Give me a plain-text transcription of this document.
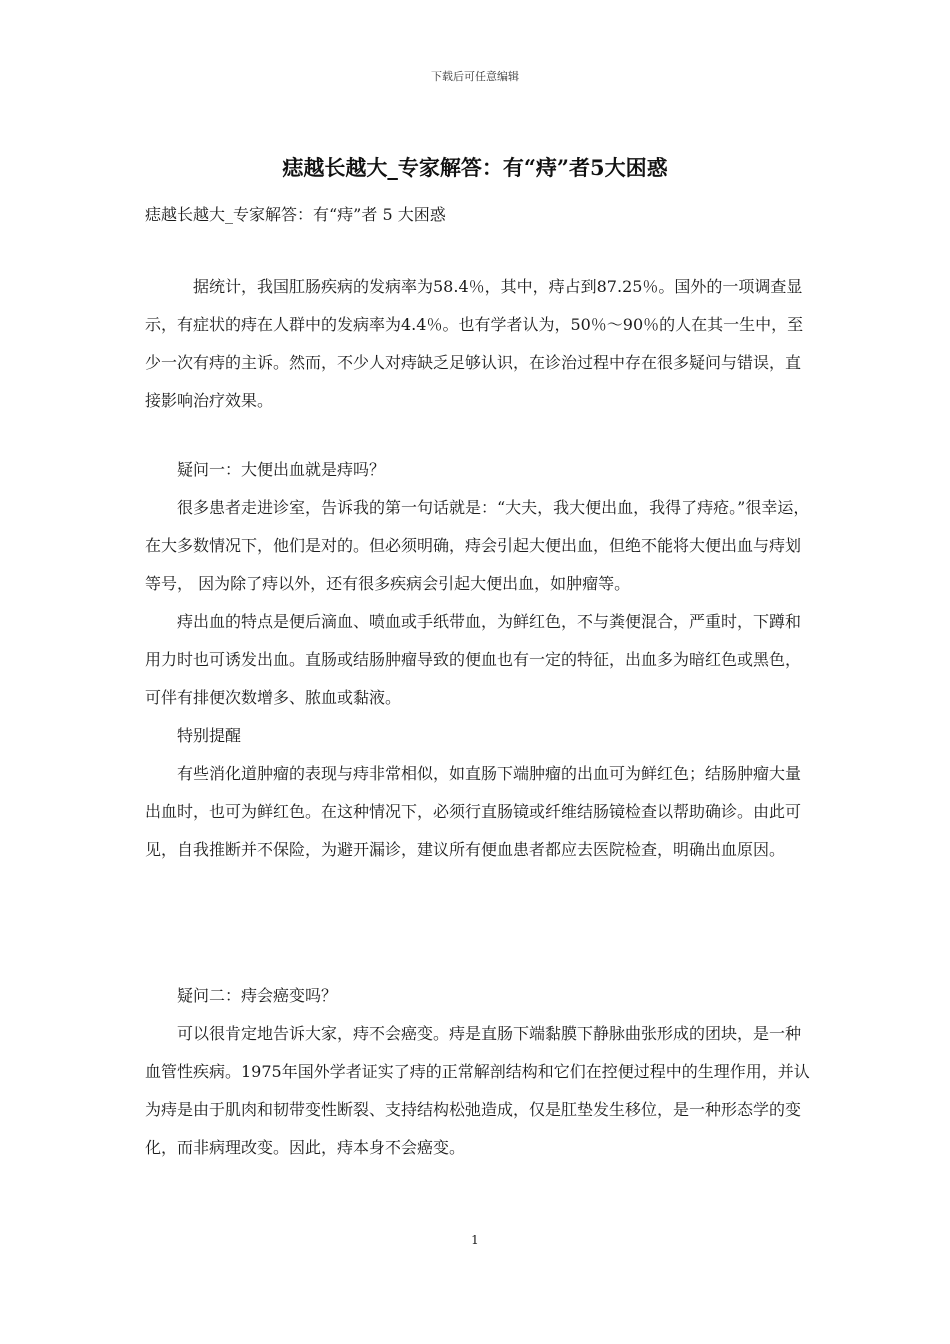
下载后可任意编辑
痣越长越大_专家解答：有“痔”者5大困惑
痣越长越大_专家解答：有“痔”者 5 大困惑

据统计，我国肛肠疾病的发病率为58.4％，其中，痔占到87.25％。国外的一项调查显示，有症状的痔在人群中的发病率为4.4％。也有学者认为，50％～90％的人在其一生中，至少一次有痔的主诉。然而，不少人对痔缺乏足够认识，在诊治过程中存在很多疑问与错误，直接影响治疗效果。

疑问一：大便出血就是痔吗？

很多患者走进诊室，告诉我的第一句话就是：“大夫，我大便出血，我得了痔疮。”很幸运，在大多数情况下，他们是对的。但必须明确，痔会引起大便出血，但绝不能将大便出血与痔划等号， 因为除了痔以外，还有很多疾病会引起大便出血，如肿瘤等。

痔出血的特点是便后滴血、喷血或手纸带血，为鲜红色，不与粪便混合，严重时，下蹲和用力时也可诱发出血。直肠或结肠肿瘤导致的便血也有一定的特征，出血多为暗红色或黑色，可伴有排便次数增多、脓血或黏液。

特别提醒

有些消化道肿瘤的表现与痔非常相似，如直肠下端肿瘤的出血可为鲜红色；结肠肿瘤大量出血时，也可为鲜红色。在这种情况下，必须行直肠镜或纤维结肠镜检查以帮助确诊。由此可见，自我推断并不保险，为避开漏诊，建议所有便血患者都应去医院检查，明确出血原因。

疑问二：痔会癌变吗？

可以很肯定地告诉大家，痔不会癌变。痔是直肠下端黏膜下静脉曲张形成的团块，是一种血管性疾病。1975年国外学者证实了痔的正常解剖结构和它们在控便过程中的生理作用，并认为痔是由于肌肉和韧带变性断裂、支持结构松弛造成，仅是肛垫发生移位，是一种形态学的变化，而非病理改变。因此，痔本身不会癌变。

1
